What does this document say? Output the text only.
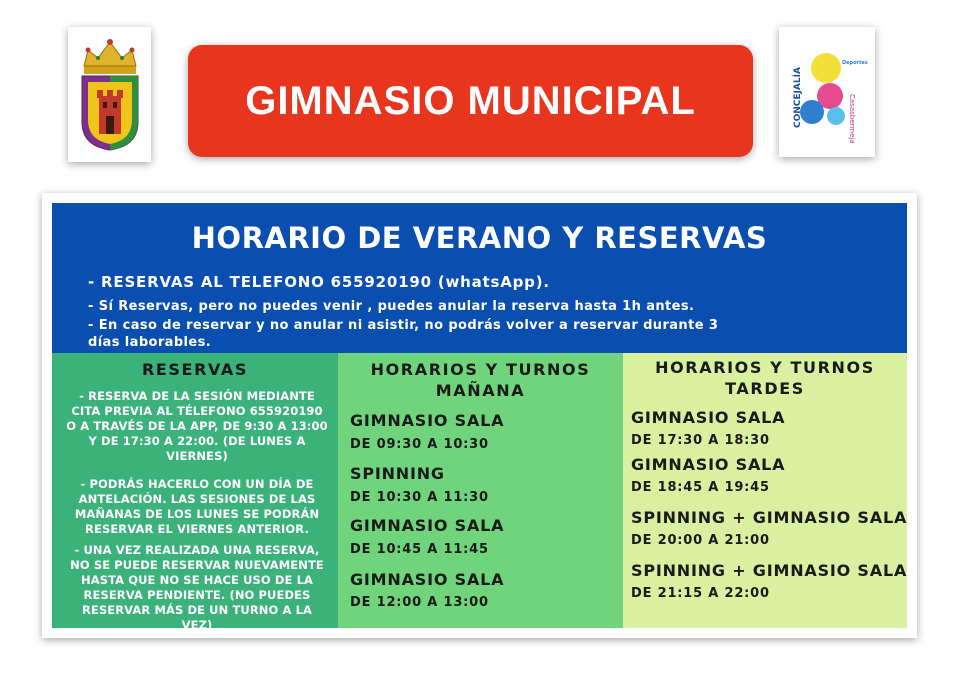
GIMNASIO MUNICIPAL	CONCEJALÍA	Casasbermeja
Deportes
HORARIO DE VERANO Y RESERVAS
- RESERVAS AL TELEFONO 655920190 (whatsApp).
- Sí Reservas, pero no puedes venir , puedes anular la reserva hasta 1h antes.
- En caso de reservar y no anular ni asistir, no podrás volver a reservar durante 3
días laborables.
RESERVAS
- RESERVA DE LA SESIÓN MEDIANTE CITA PREVIA AL TÉLEFONO 655920190 O A TRAVÉS DE LA APP, DE 9:30 A 13:00 Y DE 17:30 A 22:00. (DE LUNES A VIERNES)
- PODRÁS HACERLO CON UN DÍA DE ANTELACIÓN. LAS SESIONES DE LAS MAÑANAS DE LOS LUNES SE PODRÁN RESERVAR EL VIERNES ANTERIOR.
- UNA VEZ REALIZADA UNA RESERVA, NO SE PUEDE RESERVAR NUEVAMENTE HASTA QUE NO SE HACE USO DE LA RESERVA PENDIENTE. (NO PUEDES RESERVAR MÁS DE UN TURNO A LA VEZ)
HORARIOS Y TURNOS
MAÑANA
GIMNASIO SALA
DE 09:30 A 10:30
SPINNING
DE 10:30 A 11:30
GIMNASIO SALA
DE 10:45 A 11:45
GIMNASIO SALA
DE 12:00 A 13:00
HORARIOS Y TURNOS
TARDES
GIMNASIO SALA
DE 17:30 A 18:30
GIMNASIO SALA
DE 18:45 A 19:45
SPINNING + GIMNASIO SALA
DE 20:00 A 21:00
SPINNING + GIMNASIO SALA
DE 21:15 A 22:00
